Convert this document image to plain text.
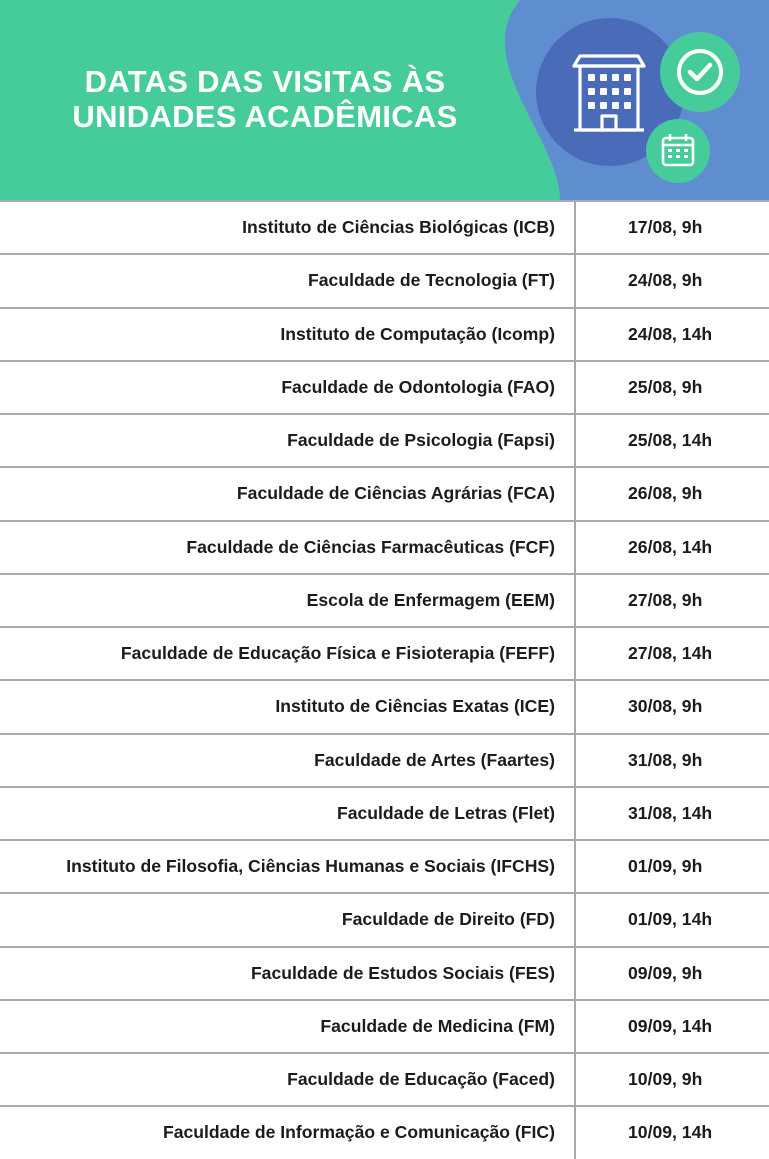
DATAS DAS VISITAS ÀS
UNIDADES ACADÊMICAS
Instituto de Ciências Biológicas (ICB)	17/08, 9h
Faculdade de Tecnologia (FT)	24/08, 9h
Instituto de Computação (Icomp)	24/08, 14h
Faculdade de Odontologia (FAO)	25/08, 9h
Faculdade de Psicologia (Fapsi)	25/08, 14h
Faculdade de Ciências Agrárias (FCA)	26/08, 9h
Faculdade de Ciências Farmacêuticas (FCF)	26/08, 14h
Escola de Enfermagem (EEM)	27/08, 9h
Faculdade de Educação Física e Fisioterapia (FEFF)	27/08, 14h
Instituto de Ciências Exatas (ICE)	30/08, 9h
Faculdade de Artes (Faartes)	31/08, 9h
Faculdade de Letras (Flet)	31/08, 14h
Instituto de Filosofia, Ciências Humanas e Sociais (IFCHS)	01/09, 9h
Faculdade de Direito (FD)	01/09, 14h
Faculdade de Estudos Sociais (FES)	09/09, 9h
Faculdade de Medicina (FM)	09/09, 14h
Faculdade de Educação (Faced)	10/09, 9h
Faculdade de Informação e Comunicação (FIC)	10/09, 14h
